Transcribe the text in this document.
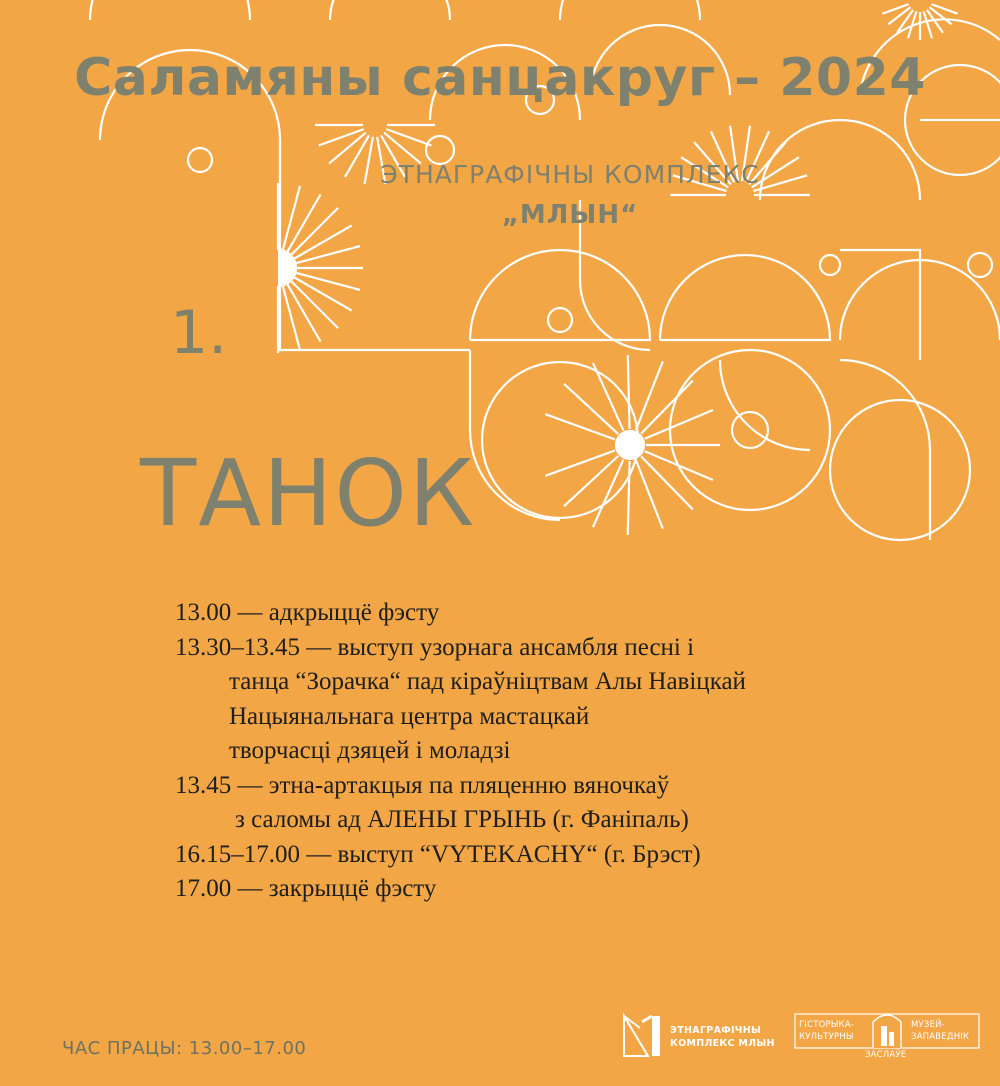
Саламяны санцакруг – 2024
ЭТНАГРАФІЧНЫ КОМПЛЕКС
„МЛЫН“
1.
ТАНОК
13.00 — адкрыццё фэсту
13.30–13.45 — выступ узорнага ансамбля песні і
танца “Зорачка“ пад кіраўніцтвам Алы Навіцкай
Нацыянальнага центра мастацкай
творчасці дзяцей і моладзі
13.45 — этна-артакцыя па пляценню вяночкаў
з саломы ад АЛЕНЫ ГРЫНЬ (г. Фаніпаль)
16.15–17.00 — выступ “VYTEKACHY“ (г. Брэст)
17.00 — закрыццё фэсту
ЧАС ПРАЦЫ: 13.00–17.00
ЭТНАГРАФІЧНЫ
КОМПЛЕКС МЛЫН
ГІСТОРЫКА-
КУЛЬТУРНЫ
МУЗЕЙ-
ЗАПАВЕДНІК
ЗАСЛАЎЕ
